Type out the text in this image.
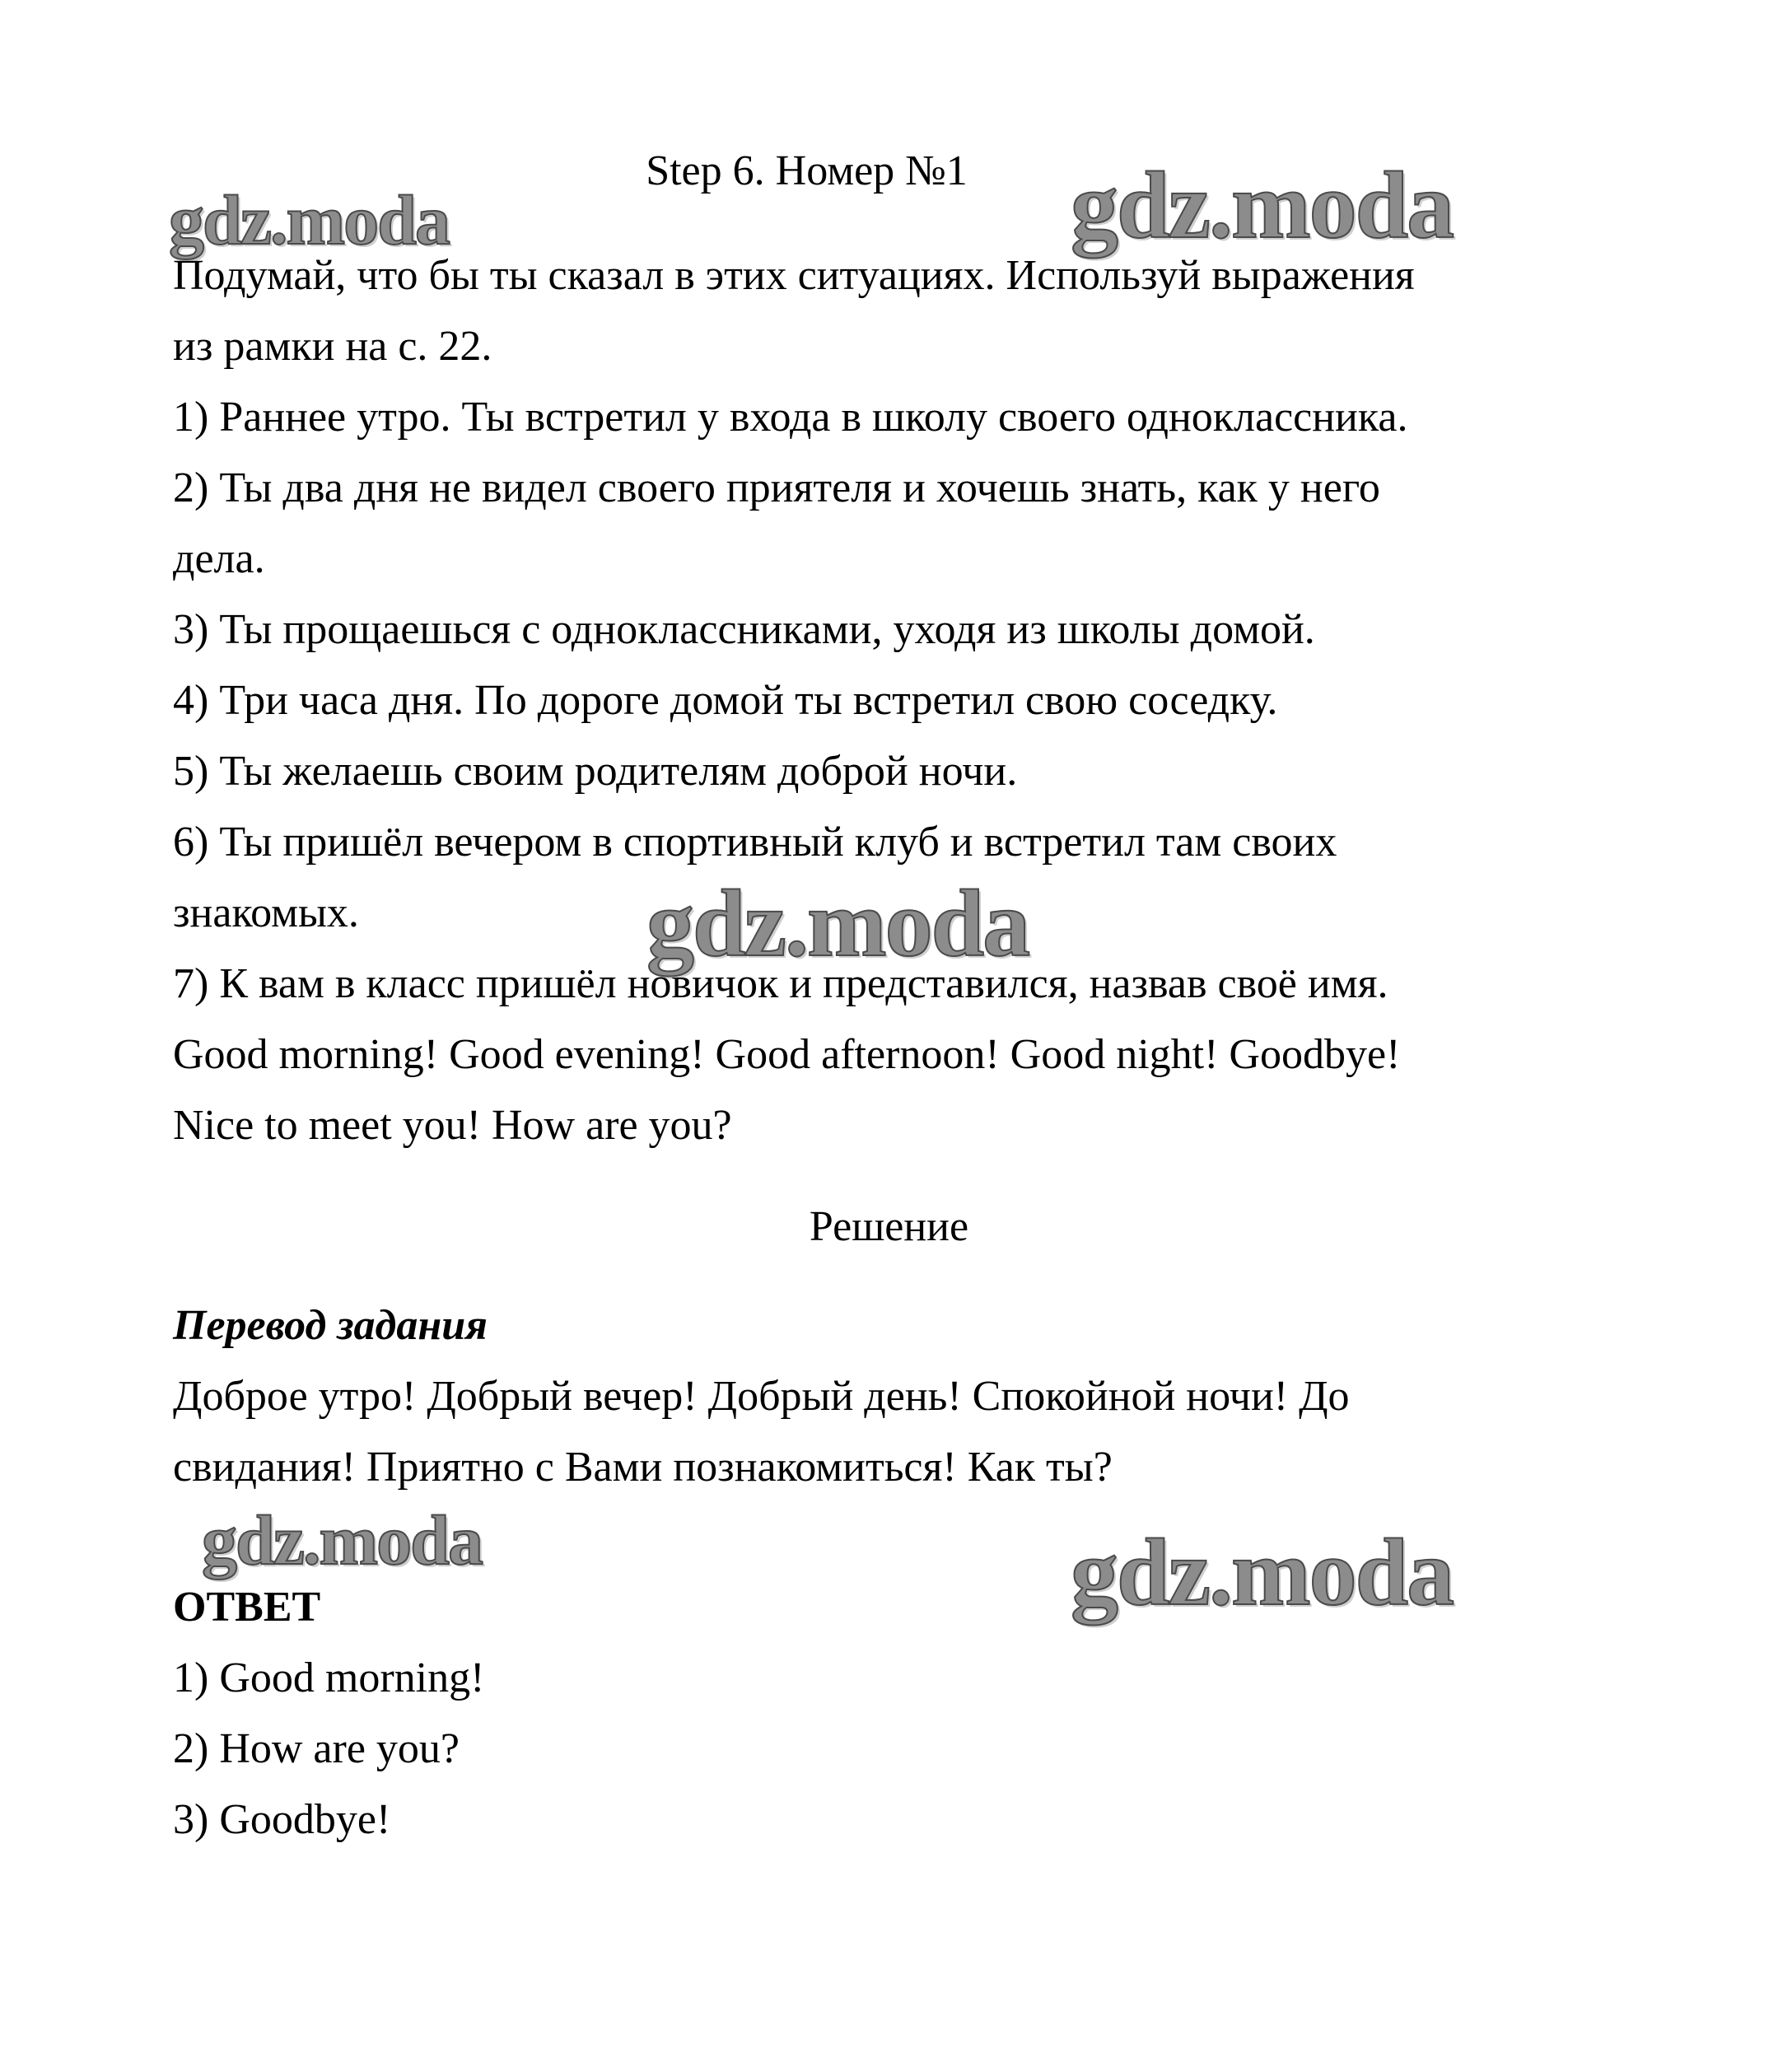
Step 6. Номер №1
gdz.moda	gdz.moda
gdz.moda
gdz.moda	gdz.moda
Подумай, что бы ты сказал в этих ситуациях. Используй выражения
из рамки на с. 22.
1) Раннее утро. Ты встретил у входа в школу своего одноклассника.
2) Ты два дня не видел своего приятеля и хочешь знать, как у него
дела.
3) Ты прощаешься с одноклассниками, уходя из школы домой.
4) Три часа дня. По дороге домой ты встретил свою соседку.
5) Ты желаешь своим родителям доброй ночи.
6) Ты пришёл вечером в спортивный клуб и встретил там своих
знакомых.
7) К вам в класс пришёл новичок и представился, назвав своё имя.
Good morning! Good evening! Good afternoon! Good night! Goodbye!
Nice to meet you! How are you?
Решение
Перевод задания
Доброе утро! Добрый вечер! Добрый день! Спокойной ночи! До
свидания! Приятно с Вами познакомиться! Как ты?
ОТВЕТ
1) Good morning!
2) How are you?
3) Goodbye!
